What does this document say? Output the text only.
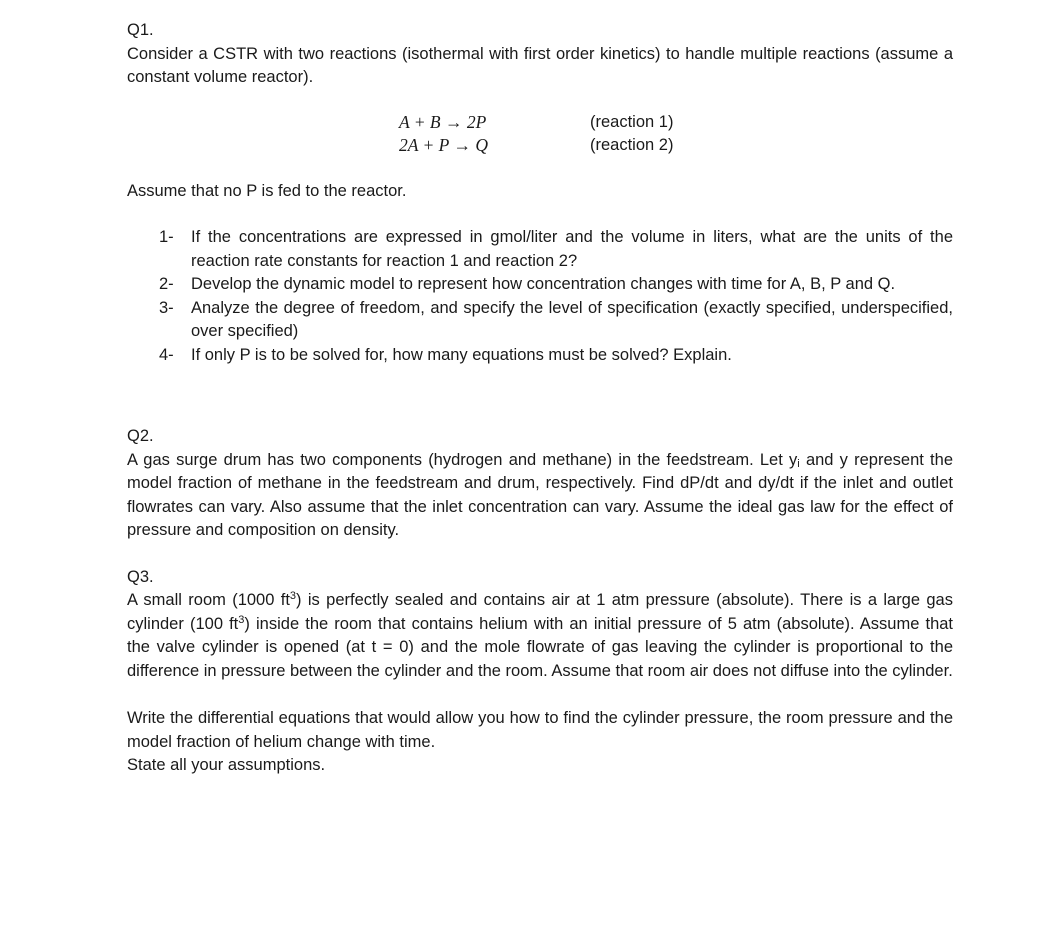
Q1.

Consider a CSTR with two reactions (isothermal with first order kinetics) to handle multiple reactions (assume a constant volume reactor).

A + B → 2P	(reaction 1)
2A + P → Q	(reaction 2)

Assume that no P is fed to the reactor.

1- If the concentrations are expressed in gmol/liter and the volume in liters, what are the units of the reaction rate constants for reaction 1 and reaction 2?
2- Develop the dynamic model to represent how concentration changes with time for A, B, P and Q.
3- Analyze the degree of freedom, and specify the level of specification (exactly specified, underspecified, over specified)
4- If only P is to be solved for, how many equations must be solved? Explain.

Q2.

A gas surge drum has two components (hydrogen and methane) in the feedstream. Let $y_i$ and y represent the model fraction of methane in the feedstream and drum, respectively. Find dP/dt and dy/dt if the inlet and outlet flowrates can vary. Also assume that the inlet concentration can vary. Assume the ideal gas law for the effect of pressure and composition on density.

Q3.

A small room (1000 $ft^3$) is perfectly sealed and contains air at 1 atm pressure (absolute). There is a large gas cylinder (100 $ft^3$) inside the room that contains helium with an initial pressure of 5 atm (absolute). Assume that the valve cylinder is opened (at t = 0) and the mole flowrate of gas leaving the cylinder is proportional to the difference in pressure between the cylinder and the room. Assume that room air does not diffuse into the cylinder.

Write the differential equations that would allow you how to find the cylinder pressure, the room pressure and the model fraction of helium change with time.

State all your assumptions.
